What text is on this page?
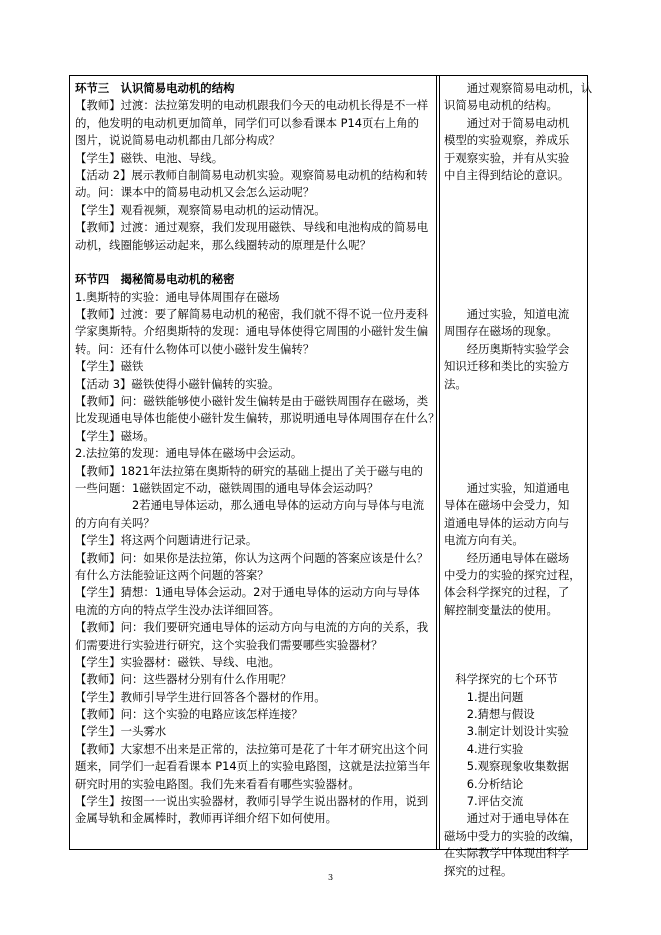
环节三　认识简易电动机的结构
【教师】过渡：法拉第发明的电动机跟我们今天的电动机长得是不一样
的，他发明的电动机更加简单，同学们可以参看课本 P14页右上角的
图片，说说简易电动机都由几部分构成？
【学生】磁铁、电池、导线。
【活动 2】展示教师自制简易电动机实验。观察简易电动机的结构和转
动。问：课本中的简易电动机又会怎么运动呢？
【学生】观看视频，观察简易电动机的运动情况。
【教师】过渡：通过观察，我们发现用磁铁、导线和电池构成的简易电
动机，线圈能够运动起来，那么线圈转动的原理是什么呢？
环节四　揭秘简易电动机的秘密
1.奥斯特的实验：通电导体周围存在磁场
【教师】过渡：要了解简易电动机的秘密，我们就不得不说一位丹麦科
学家奥斯特。介绍奥斯特的发现：通电导体使得它周围的小磁针发生偏
转。问：还有什么物体可以使小磁针发生偏转？
【学生】磁铁
【活动 3】磁铁使得小磁针偏转的实验。
【教师】问：磁铁能够使小磁针发生偏转是由于磁铁周围存在磁场，类
比发现通电导体也能使小磁针发生偏转，那说明通电导体周围存在什么？
【学生】磁场。
2.法拉第的发现：通电导体在磁场中会运动。
【教师】1821年法拉第在奥斯特的研究的基础上提出了关于磁与电的
一些问题：1磁铁固定不动，磁铁周围的通电导体会运动吗？
　　　　　2若通电导体运动，那么通电导体的运动方向与导体与电流
的方向有关吗？
【学生】将这两个问题请进行记录。
【教师】问：如果你是法拉第，你认为这两个问题的答案应该是什么？
有什么方法能验证这两个问题的答案？
【学生】猜想：1通电导体会运动。2对于通电导体的运动方向与导体
电流的方向的特点学生没办法详细回答。
【教师】问：我们要研究通电导体的运动方向与电流的方向的关系，我
们需要进行实验进行研究，这个实验我们需要哪些实验器材？
【学生】实验器材：磁铁、导线、电池。
【教师】问：这些器材分别有什么作用呢？
【学生】教师引导学生进行回答各个器材的作用。
【教师】问：这个实验的电路应该怎样连接？
【学生】一头雾水
【教师】大家想不出来是正常的，法拉第可是花了十年才研究出这个问
题来，同学们一起看看课本 P14页上的实验电路图，这就是法拉第当年
研究时用的实验电路图。我们先来看看有哪些实验器材。
【学生】按图一一说出实验器材，教师引导学生说出器材的作用，说到
金属导轨和金属棒时，教师再详细介绍下如何使用。
　　通过观察简易电动机，认
识简易电动机的结构。
　　通过对于简易电动机
模型的实验观察，养成乐
于观察实验，并有从实验
中自主得到结论的意识。
　　通过实验，知道电流
周围存在磁场的现象。
　　经历奥斯特实验学会
知识迁移和类比的实验方
法。
　　通过实验，知道通电
导体在磁场中会受力，知
道通电导体的运动方向与
电流方向有关。
　　经历通电导体在磁场
中受力的实验的探究过程，
体会科学探究的过程，了
解控制变量法的使用。
　科学探究的七个环节
　　1.提出问题
　　2.猜想与假设
　　3.制定计划设计实验
　　4.进行实验
　　5.观察现象收集数据
　　6.分析结论
　　7.评估交流
　　通过对于通电导体在
磁场中受力的实验的改编，
在实际教学中体现出科学
探究的过程。
3
